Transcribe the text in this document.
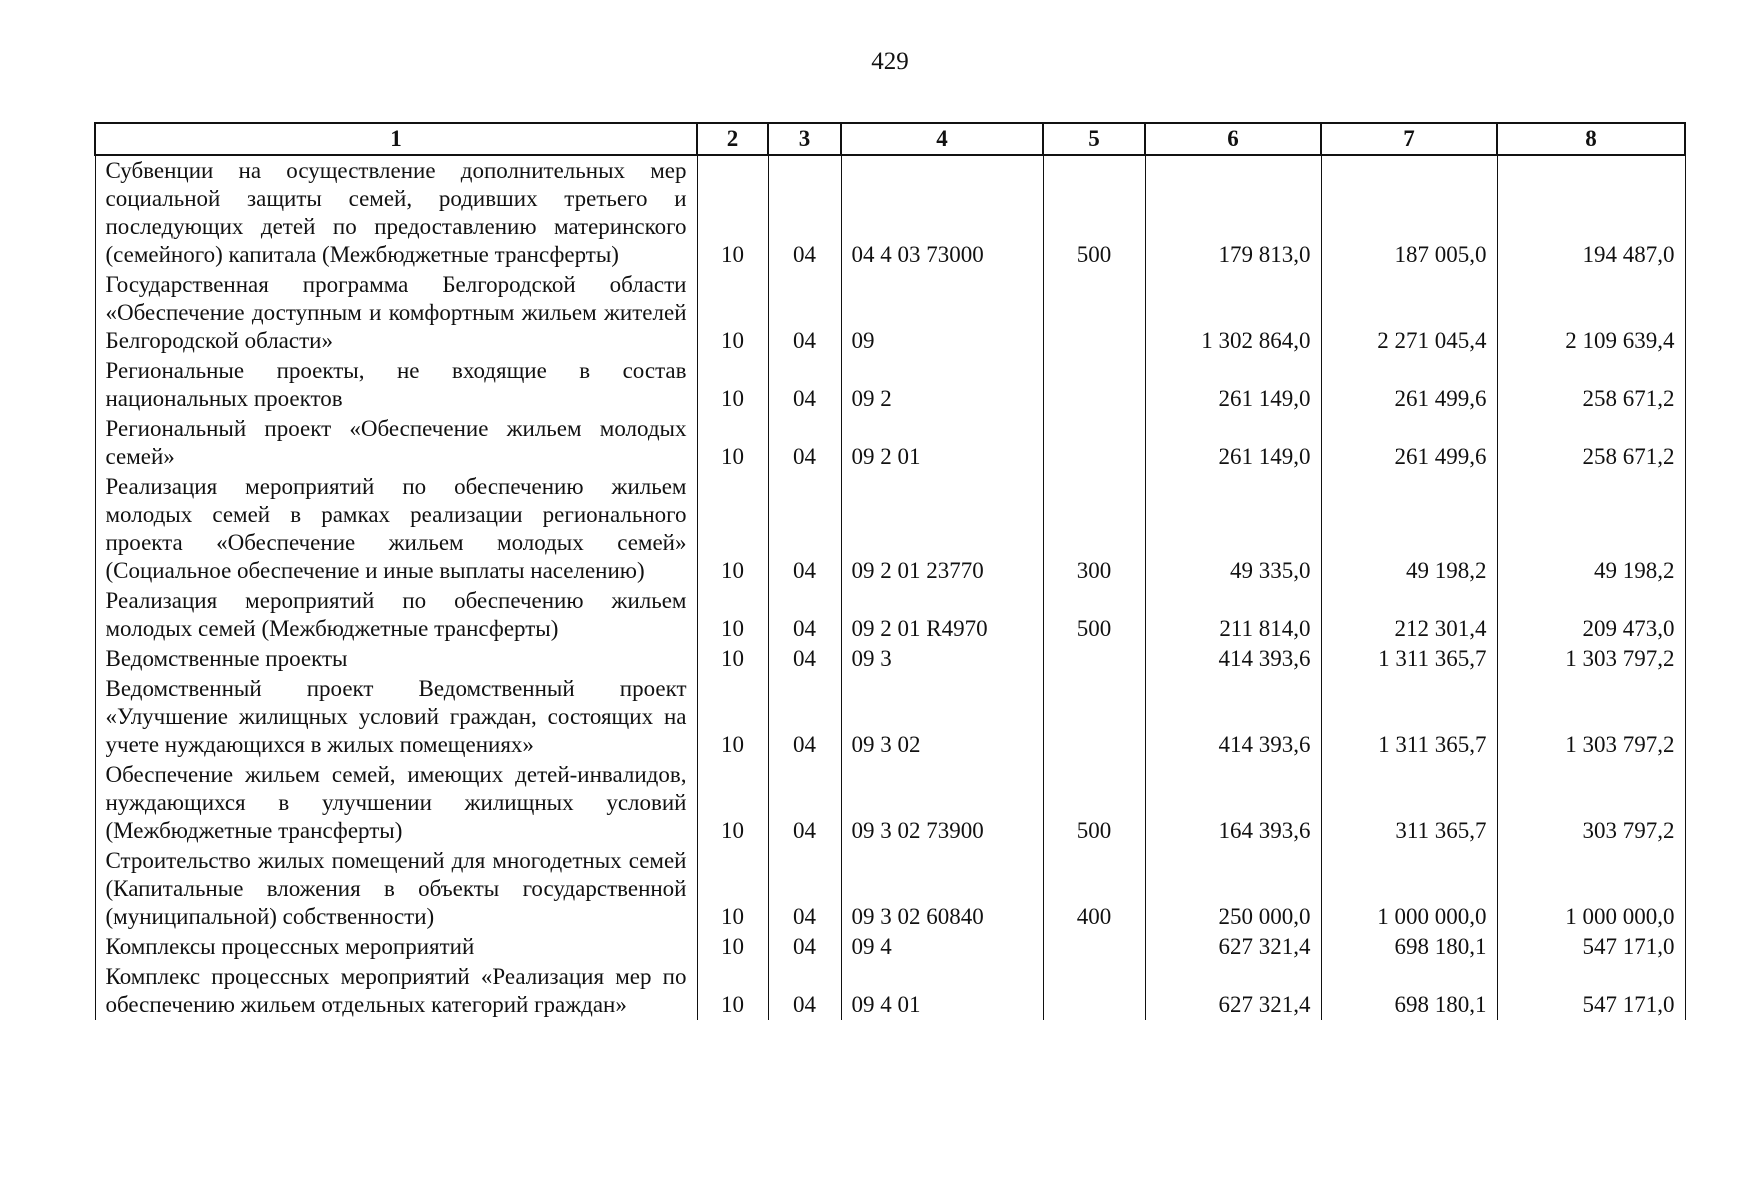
429
1	2	3	4	5	6	7	8
Субвенции на осуществление дополнительных мер социальной защиты семей, родивших третьего и последующих детей по предоставлению материнского (семейного) капитала (Межбюджетные трансферты)	10	04	04 4 03 73000	500	179 813,0	187 005,0	194 487,0
Государственная программа Белгородской области «Обеспечение доступным и комфортным жильем жителей Белгородской области»	10	04	09		1 302 864,0	2 271 045,4	2 109 639,4
Региональные проекты, не входящие в состав национальных проектов	10	04	09 2		261 149,0	261 499,6	258 671,2
Региональный проект «Обеспечение жильем молодых семей»	10	04	09 2 01		261 149,0	261 499,6	258 671,2
Реализация мероприятий по обеспечению жильем молодых семей в рамках реализации регионального проекта «Обеспечение жильем молодых семей» (Социальное обеспечение и иные выплаты населению)	10	04	09 2 01 23770	300	49 335,0	49 198,2	49 198,2
Реализация мероприятий по обеспечению жильем молодых семей (Межбюджетные трансферты)	10	04	09 2 01 R4970	500	211 814,0	212 301,4	209 473,0
Ведомственные проекты	10	04	09 3		414 393,6	1 311 365,7	1 303 797,2
Ведомственный проект Ведомственный проект «Улучшение жилищных условий граждан, состоящих на учете нуждающихся в жилых помещениях»	10	04	09 3 02		414 393,6	1 311 365,7	1 303 797,2
Обеспечение жильем семей, имеющих детей-инвалидов, нуждающихся в улучшении жилищных условий (Межбюджетные трансферты)	10	04	09 3 02 73900	500	164 393,6	311 365,7	303 797,2
Строительство жилых помещений для многодетных семей (Капитальные вложения в объекты государственной (муниципальной) собственности)	10	04	09 3 02 60840	400	250 000,0	1 000 000,0	1 000 000,0
Комплексы процессных мероприятий	10	04	09 4		627 321,4	698 180,1	547 171,0
Комплекс процессных мероприятий «Реализация мер по обеспечению жильем отдельных категорий граждан»	10	04	09 4 01		627 321,4	698 180,1	547 171,0
